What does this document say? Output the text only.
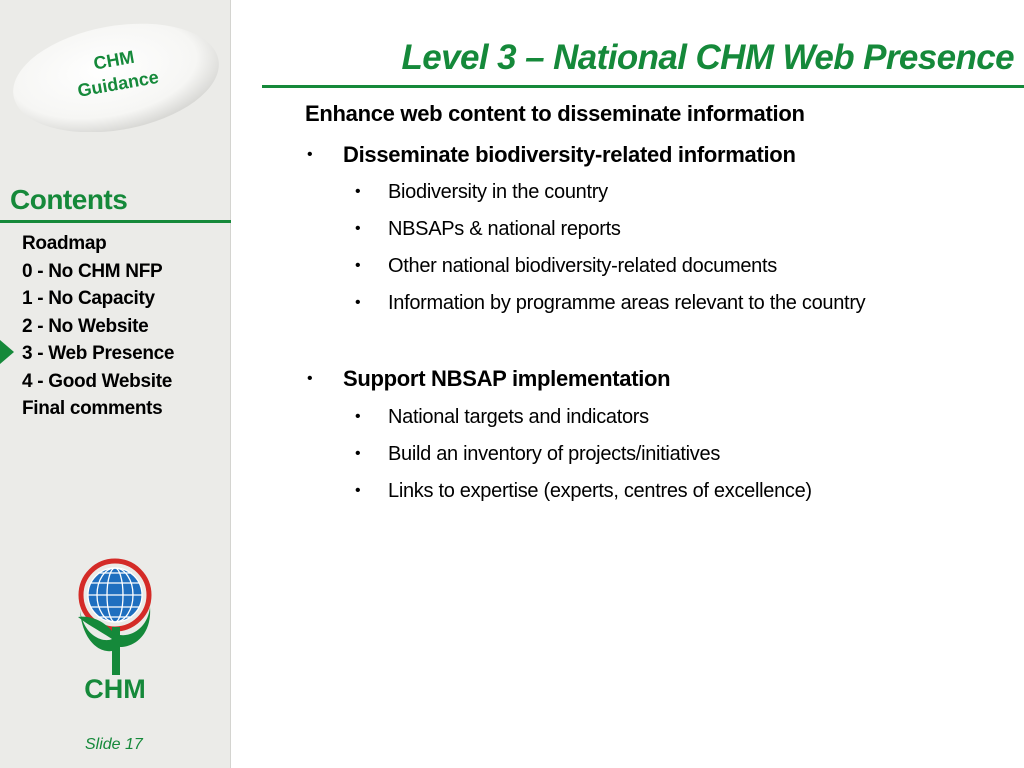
CHM
Guidance
Contents
Roadmap
0 - No CHM NFP
1 - No Capacity
2 - No Website
3 - Web Presence
4 - Good Website
Final comments
CHM
Slide 17
Level 3 – National CHM Web Presence
Enhance web content to disseminate information
• Disseminate biodiversity-related information
• Biodiversity in the country
• NBSAPs & national reports
• Other national biodiversity-related documents
• Information by programme areas relevant to the country
• Support NBSAP implementation
• National targets and indicators
• Build an inventory of projects/initiatives
• Links to expertise (experts, centres of excellence)
